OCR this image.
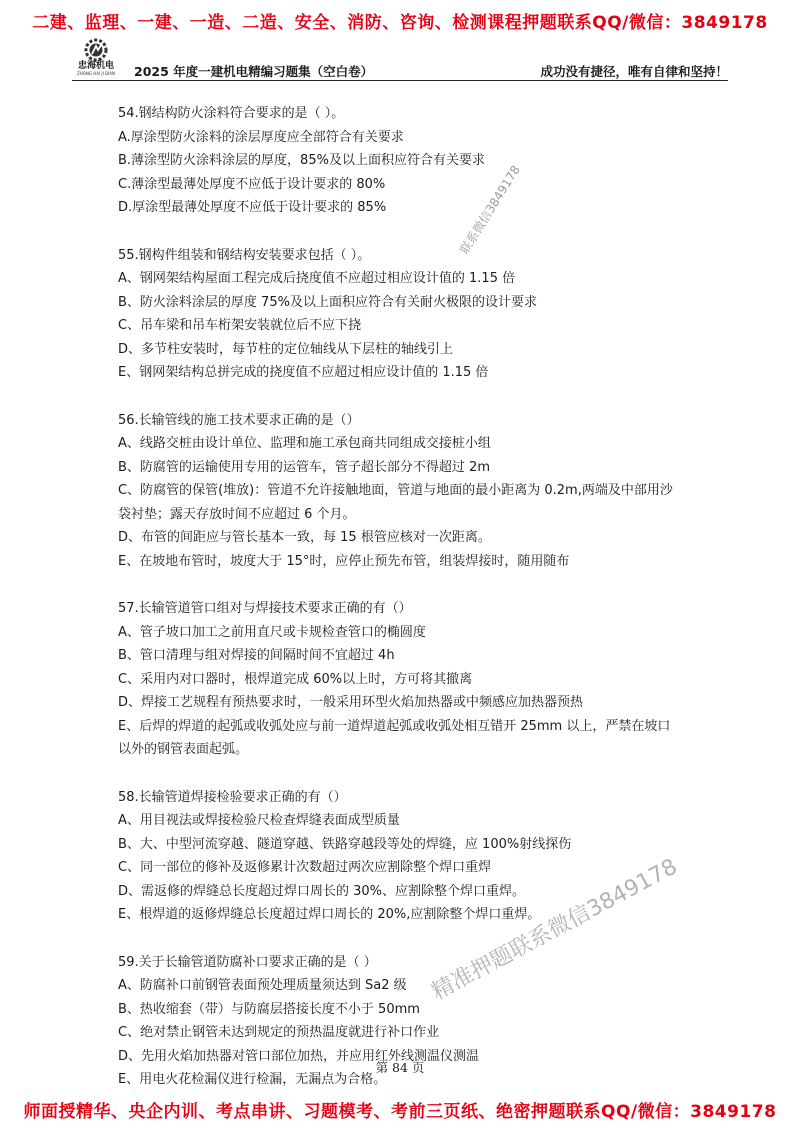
二建、监理、一建、一造、二造、安全、消防、咨询、检测课程押题联系QQ/微信：3849178
忠海机电
ZHONG HAI JI DIAN	2025 年度一建机电精编习题集（空白卷）	成功没有捷径，唯有自律和坚持！
54.钢结构防火涂料符合要求的是（ ）。
A.厚涂型防火涂料的涂层厚度应全部符合有关要求
B.薄涂型防火涂料涂层的厚度，85%及以上面积应符合有关要求
C.薄涂型最薄处厚度不应低于设计要求的 80%
D.厚涂型最薄处厚度不应低于设计要求的 85%
55.钢构件组装和钢结构安装要求包括（ ）。
A、钢网架结构屋面工程完成后挠度值不应超过相应设计值的 1.15 倍
B、防火涂料涂层的厚度 75%及以上面积应符合有关耐火极限的设计要求
C、吊车梁和吊车桁架安装就位后不应下挠
D、多节柱安装时，每节柱的定位轴线从下层柱的轴线引上
E、钢网架结构总拼完成的挠度值不应超过相应设计值的 1.15 倍
56.长输管线的施工技术要求正确的是（）
A、线路交桩由设计单位、监理和施工承包商共同组成交接桩小组
B、防腐管的运输使用专用的运管车，管子超长部分不得超过 2m
C、防腐管的保管(堆放)：管道不允许接触地面，管道与地面的最小距离为 0.2m,两端及中部用沙袋衬垫；露天存放时间不应超过 6 个月。
D、布管的间距应与管长基本一致，每 15 根管应核对一次距离。
E、在坡地布管时，坡度大于 15°时，应停止预先布管，组装焊接时，随用随布
57.长输管道管口组对与焊接技术要求正确的有（）
A、管子坡口加工之前用直尺或卡规检查管口的椭圆度
B、管口清理与组对焊接的间隔时间不宜超过 4h
C、采用内对口器时，根焊道完成 60%以上时，方可将其撤离
D、焊接工艺规程有预热要求时，一般采用环型火焰加热器或中频感应加热器预热
E、后焊的焊道的起弧或收弧处应与前一道焊道起弧或收弧处相互错开 25mm 以上，严禁在坡口以外的钢管表面起弧。
58.长输管道焊接检验要求正确的有（）
A、用目视法或焊接检验尺检查焊缝表面成型质量
B、大、中型河流穿越、隧道穿越、铁路穿越段等处的焊缝，应 100%射线探伤
C、同一部位的修补及返修累计次数超过两次应割除整个焊口重焊
D、需返修的焊缝总长度超过焊口周长的 30%、应割除整个焊口重焊。
E、根焊道的返修焊缝总长度超过焊口周长的 20%,应割除整个焊口重焊。
59.关于长输管道防腐补口要求正确的是（ ）
A、防腐补口前钢管表面预处理质量须达到 Sa2 级
B、热收缩套（带）与防腐层搭接长度不小于 50mm
C、绝对禁止钢管未达到规定的预热温度就进行补口作业
D、先用火焰加热器对管口部位加热，并应用红外线测温仪测温
E、用电火花检漏仪进行检漏，无漏点为合格。
联系微信3849178
精准押题联系微信3849178
第 84 页
师面授精华、央企内训、考点串讲、习题模考、考前三页纸、绝密押题联系QQ/微信：3849178
